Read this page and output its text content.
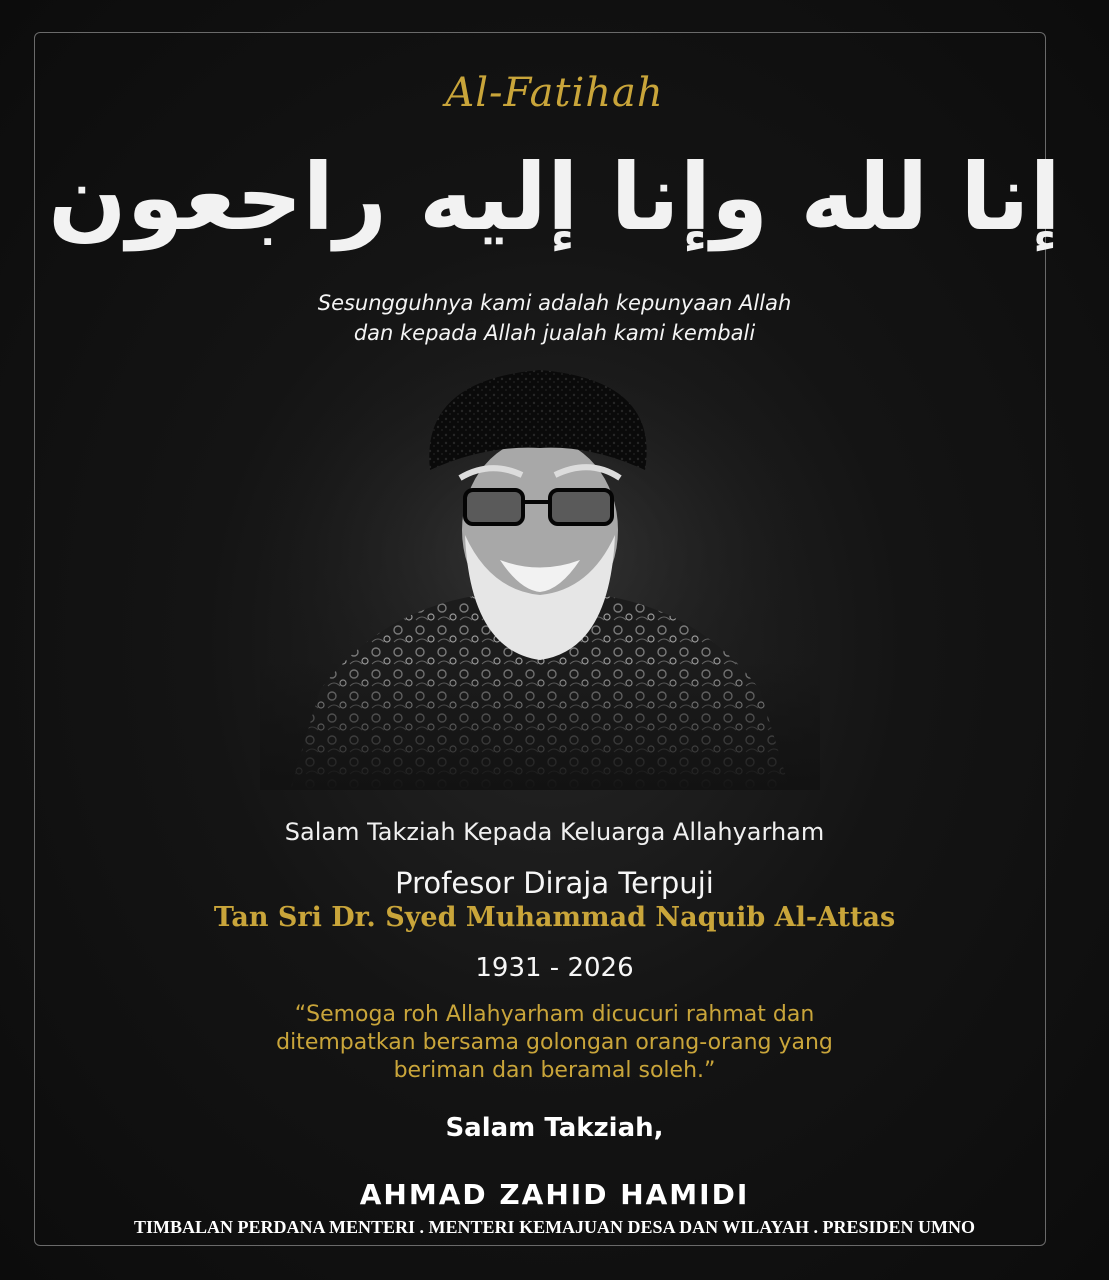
Al-Fatihah
إنا لله وإنا إليه راجعون
Sesungguhnya kami adalah kepunyaan Allah
dan kepada Allah jualah kami kembali
Salam Takziah Kepada Keluarga Allahyarham
Profesor Diraja Terpuji
Tan Sri Dr. Syed Muhammad Naquib Al-Attas
1931 - 2026
“Semoga roh Allahyarham dicucuri rahmat dan
ditempatkan bersama golongan orang-orang yang
beriman dan beramal soleh.”
Salam Takziah,
AHMAD ZAHID HAMIDI
TIMBALAN PERDANA MENTERI . MENTERI KEMAJUAN DESA DAN WILAYAH . PRESIDEN UMNO
